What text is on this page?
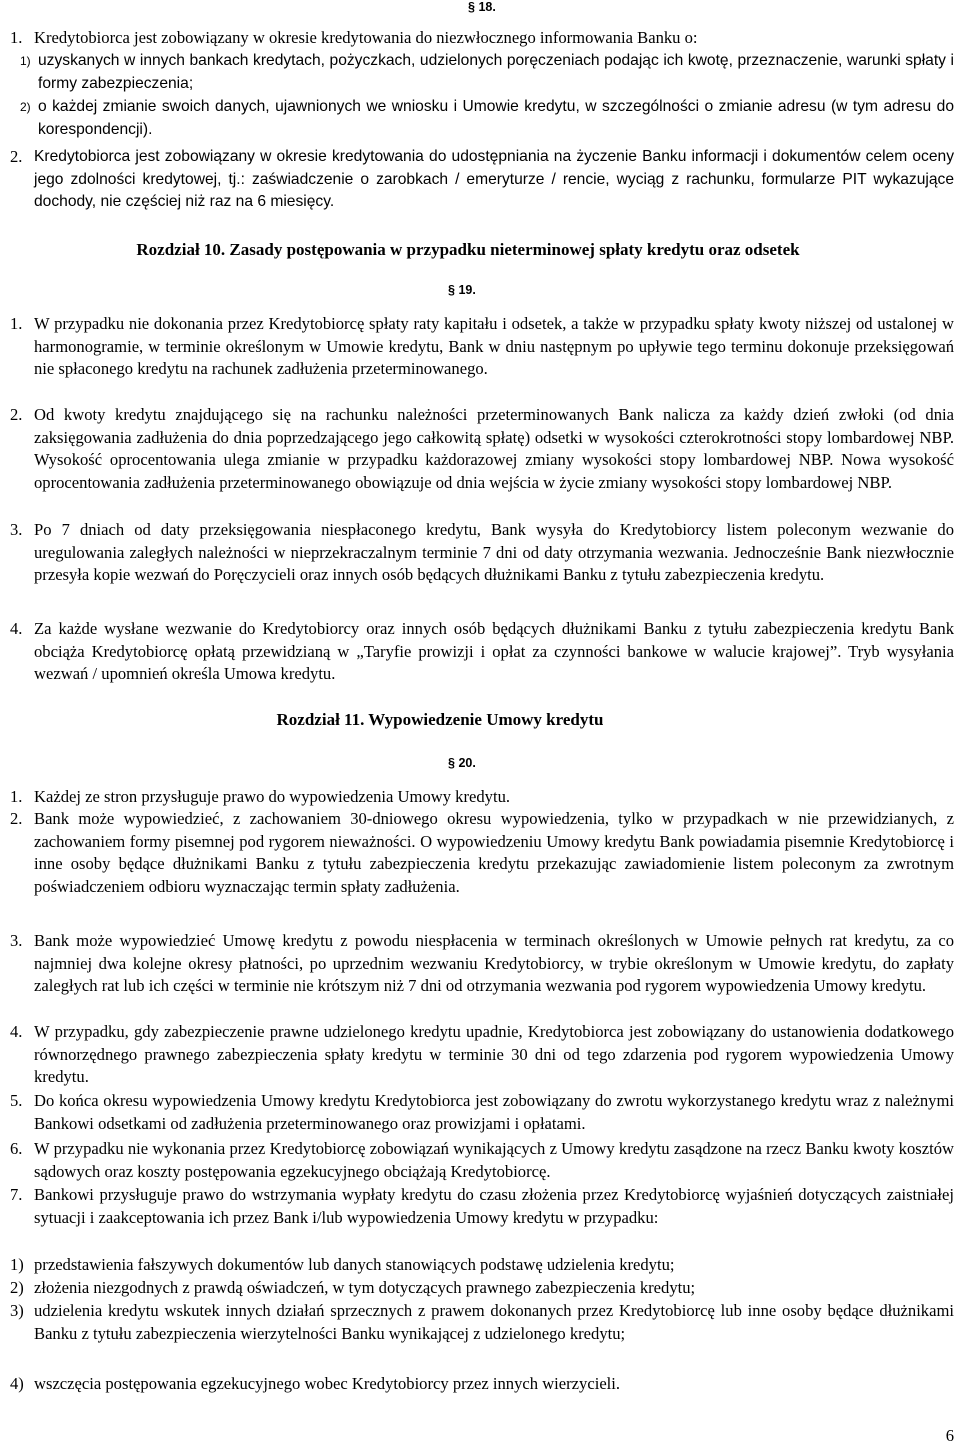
§ 18.
1. Kredytobiorca jest zobowiązany w okresie kredytowania do niezwłocznego informowania Banku o:
1) uzyskanych w innych bankach kredytach, pożyczkach, udzielonych poręczeniach podając ich kwotę, przeznaczenie, warunki spłaty i formy zabezpieczenia;
2) o każdej zmianie swoich danych, ujawnionych we wniosku i Umowie kredytu, w szczególności o zmianie adresu (w tym adresu do korespondencji).
2. Kredytobiorca jest zobowiązany w okresie kredytowania do udostępniania na życzenie Banku informacji i dokumentów celem oceny jego zdolności kredytowej, tj.: zaświadczenie o zarobkach / emeryturze / rencie, wyciąg z rachunku, formularze PIT wykazujące dochody, nie częściej niż raz na 6 miesięcy.
Rozdział 10. Zasady postępowania w przypadku nieterminowej spłaty kredytu oraz odsetek
§ 19.
1. W przypadku nie dokonania przez Kredytobiorcę spłaty raty kapitału i odsetek, a także w przypadku spłaty kwoty niższej od ustalonej w harmonogramie, w terminie określonym w Umowie kredytu, Bank w dniu następnym po upływie tego terminu dokonuje przeksięgowań nie spłaconego kredytu na rachunek zadłużenia przeterminowanego.
2. Od kwoty kredytu znajdującego się na rachunku należności przeterminowanych Bank nalicza za każdy dzień zwłoki (od dnia zaksięgowania zadłużenia do dnia poprzedzającego jego całkowitą spłatę) odsetki w wysokości czterokrotności stopy lombardowej NBP. Wysokość oprocentowania ulega zmianie w przypadku każdorazowej zmiany wysokości stopy lombardowej NBP. Nowa wysokość oprocentowania zadłużenia przeterminowanego obowiązuje od dnia wejścia w życie zmiany wysokości stopy lombardowej NBP.
3. Po 7 dniach od daty przeksięgowania niespłaconego kredytu, Bank wysyła do Kredytobiorcy listem poleconym wezwanie do uregulowania zaległych należności w nieprzekraczalnym terminie 7 dni od daty otrzymania wezwania. Jednocześnie Bank niezwłocznie przesyła kopie wezwań do Poręczycieli oraz innych osób będących dłużnikami Banku z tytułu zabezpieczenia kredytu.
4. Za każde wysłane wezwanie do Kredytobiorcy oraz innych osób będących dłużnikami Banku z tytułu zabezpieczenia kredytu Bank obciąża Kredytobiorcę opłatą przewidzianą w „Taryfie prowizji i opłat za czynności bankowe w walucie krajowej”. Tryb wysyłania wezwań / upomnień określa Umowa kredytu.
Rozdział 11. Wypowiedzenie Umowy kredytu
§ 20.
1. Każdej ze stron przysługuje prawo do wypowiedzenia Umowy kredytu.
2. Bank może wypowiedzieć, z zachowaniem 30-dniowego okresu wypowiedzenia, tylko w przypadkach w nie przewidzianych, z zachowaniem formy pisemnej pod rygorem nieważności. O wypowiedzeniu Umowy kredytu Bank powiadamia pisemnie Kredytobiorcę i inne osoby będące dłużnikami Banku z tytułu zabezpieczenia kredytu przekazując zawiadomienie listem poleconym za zwrotnym poświadczeniem odbioru wyznaczając termin spłaty zadłużenia.
3. Bank może wypowiedzieć Umowę kredytu z powodu niespłacenia w terminach określonych w Umowie pełnych rat kredytu, za co najmniej dwa kolejne okresy płatności, po uprzednim wezwaniu Kredytobiorcy, w trybie określonym w Umowie kredytu, do zapłaty zaległych rat lub ich części w terminie nie krótszym niż 7 dni od otrzymania wezwania pod rygorem wypowiedzenia Umowy kredytu.
4. W przypadku, gdy zabezpieczenie prawne udzielonego kredytu upadnie, Kredytobiorca jest zobowiązany do ustanowienia dodatkowego równorzędnego prawnego zabezpieczenia spłaty kredytu w terminie 30 dni od tego zdarzenia pod rygorem wypowiedzenia Umowy kredytu.
5. Do końca okresu wypowiedzenia Umowy kredytu Kredytobiorca jest zobowiązany do zwrotu wykorzystanego kredytu wraz z należnymi Bankowi odsetkami od zadłużenia przeterminowanego oraz prowizjami i opłatami.
6. W przypadku nie wykonania przez Kredytobiorcę zobowiązań wynikających z Umowy kredytu zasądzone na rzecz Banku kwoty kosztów sądowych oraz koszty postępowania egzekucyjnego obciążają Kredytobiorcę.
7. Bankowi przysługuje prawo do wstrzymania wypłaty kredytu do czasu złożenia przez Kredytobiorcę wyjaśnień dotyczących zaistniałej sytuacji i zaakceptowania ich przez Bank i/lub wypowiedzenia Umowy kredytu w przypadku:
1) przedstawienia fałszywych dokumentów lub danych stanowiących podstawę udzielenia kredytu;
2) złożenia niezgodnych z prawdą oświadczeń, w tym dotyczących prawnego zabezpieczenia kredytu;
3) udzielenia kredytu wskutek innych działań sprzecznych z prawem dokonanych przez Kredytobiorcę lub inne osoby będące dłużnikami Banku z tytułu zabezpieczenia wierzytelności Banku wynikającej z udzielonego kredytu;
4) wszczęcia postępowania egzekucyjnego wobec Kredytobiorcy przez innych wierzycieli.
6
